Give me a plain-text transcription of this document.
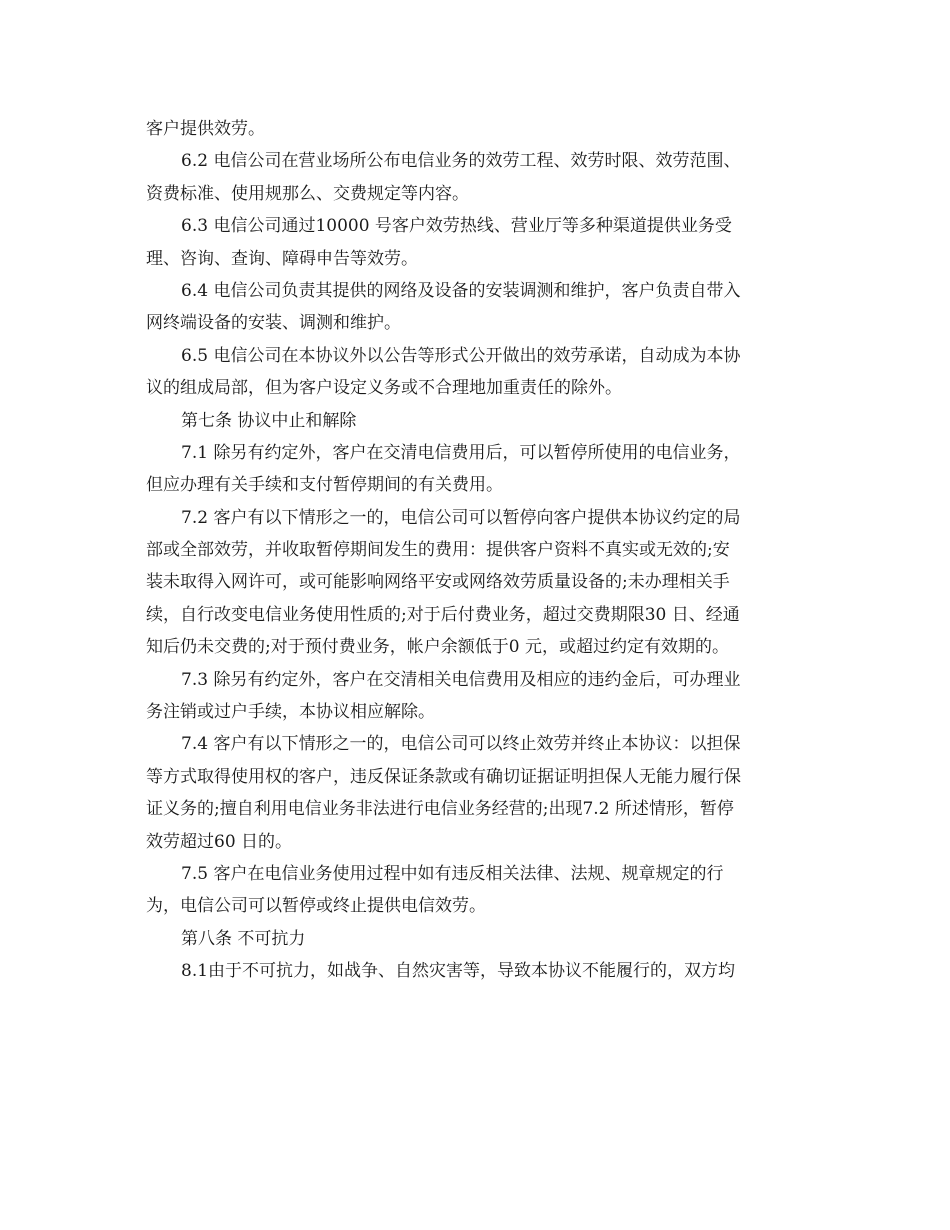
客户提供效劳。
6.2 电信公司在营业场所公布电信业务的效劳工程、效劳时限、效劳范围、
资费标准、使用规那么、交费规定等内容。
6.3 电信公司通过10000 号客户效劳热线、营业厅等多种渠道提供业务受
理、咨询、查询、障碍申告等效劳。
6.4 电信公司负责其提供的网络及设备的安装调测和维护，客户负责自带入
网终端设备的安装、调测和维护。
6.5 电信公司在本协议外以公告等形式公开做出的效劳承诺，自动成为本协
议的组成局部，但为客户设定义务或不合理地加重责任的除外。
第七条 协议中止和解除
7.1 除另有约定外，客户在交清电信费用后，可以暂停所使用的电信业务，
但应办理有关手续和支付暂停期间的有关费用。
7.2 客户有以下情形之一的，电信公司可以暂停向客户提供本协议约定的局
部或全部效劳，并收取暂停期间发生的费用：提供客户资料不真实或无效的;安
装未取得入网许可，或可能影响网络平安或网络效劳质量设备的;未办理相关手
续，自行改变电信业务使用性质的;对于后付费业务，超过交费期限30 日、经通
知后仍未交费的;对于预付费业务，帐户余额低于0 元，或超过约定有效期的。
7.3 除另有约定外，客户在交清相关电信费用及相应的违约金后，可办理业
务注销或过户手续，本协议相应解除。
7.4 客户有以下情形之一的，电信公司可以终止效劳并终止本协议：以担保
等方式取得使用权的客户，违反保证条款或有确切证据证明担保人无能力履行保
证义务的;擅自利用电信业务非法进行电信业务经营的;出现7.2 所述情形，暂停
效劳超过60 日的。
7.5 客户在电信业务使用过程中如有违反相关法律、法规、规章规定的行
为，电信公司可以暂停或终止提供电信效劳。
第八条 不可抗力
8.1由于不可抗力，如战争、自然灾害等，导致本协议不能履行的，双方均
